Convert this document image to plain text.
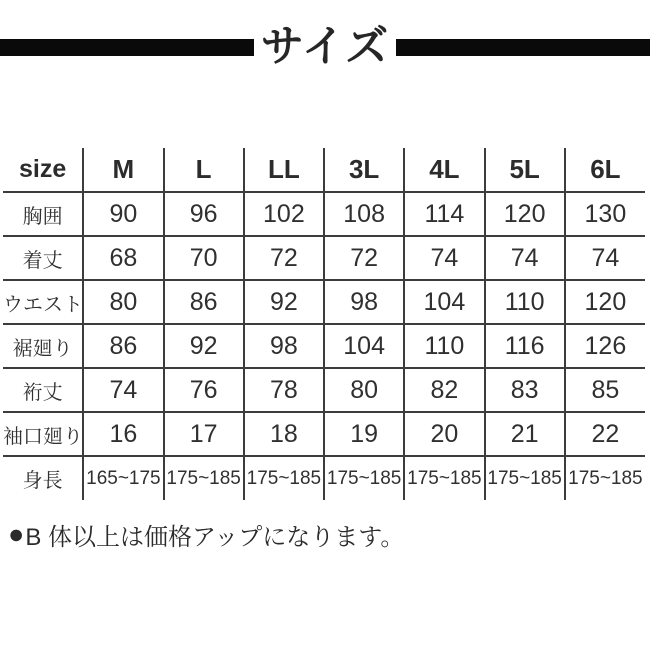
サイズ
size	M	L	LL	3L	4L	5L	6L
胸囲	90	96	102	108	114	120	130
着丈	68	70	72	72	74	74	74
ウエスト	80	86	92	98	104	110	120
裾廻り	86	92	98	104	110	116	126
裄丈	74	76	78	80	82	83	85
袖口廻り	16	17	18	19	20	21	22
身長	165~175	175~185	175~185	175~185	175~185	175~185	175~185
● B 体以上は価格アップになります。
